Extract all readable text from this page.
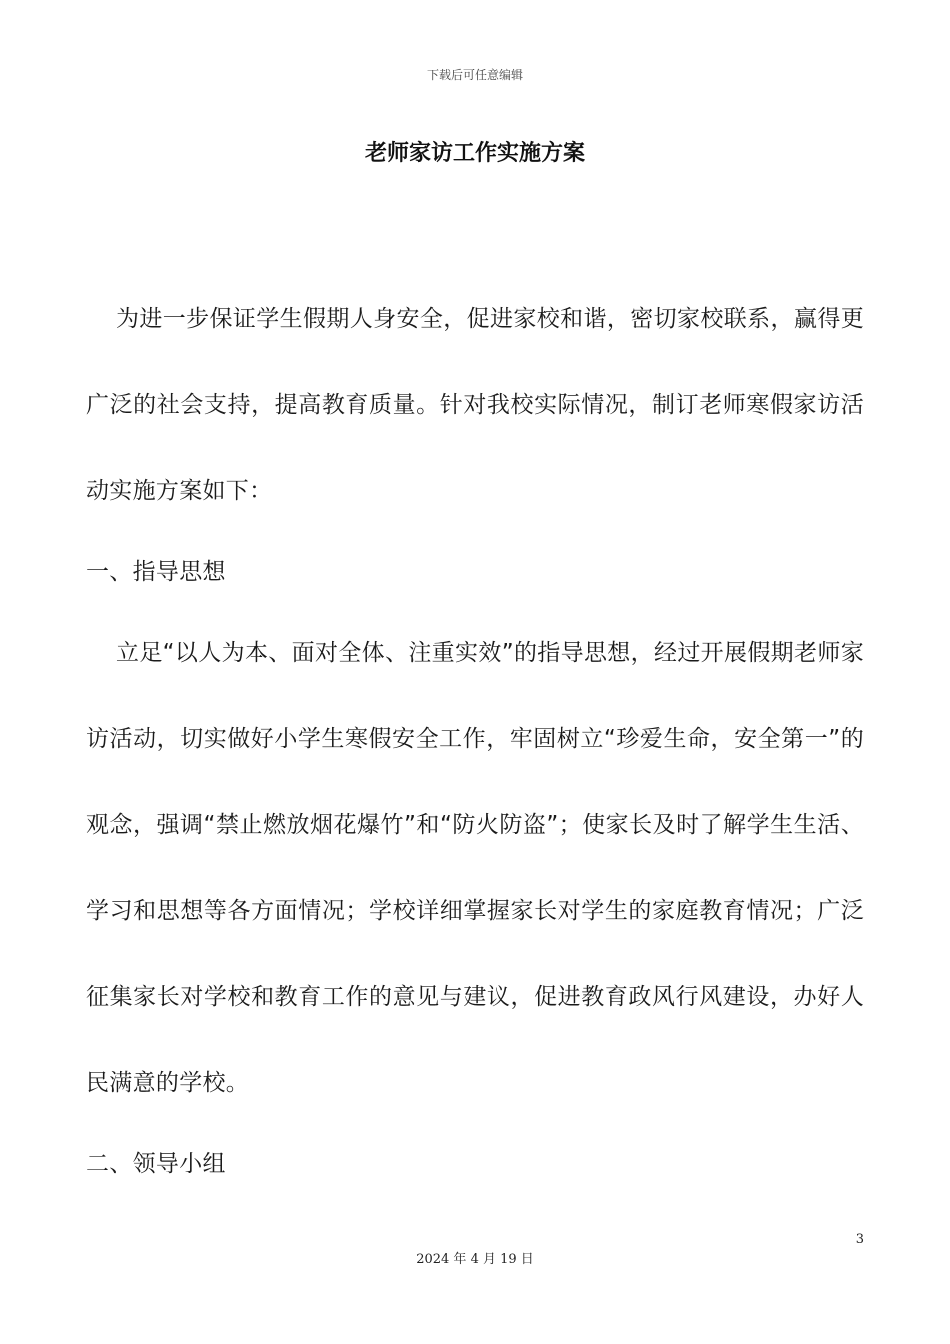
下载后可任意编辑
老师家访工作实施方案

为进一步保证学生假期人身安全，促进家校和谐，密切家校联系，赢得更广泛的社会支持，提高教育质量。针对我校实际情况，制订老师寒假家访活动实施方案如下：

一、指导思想

立足“以人为本、面对全体、注重实效”的指导思想，经过开展假期老师家访活动，切实做好小学生寒假安全工作，牢固树立“珍爱生命，安全第一”的观念，强调“禁止燃放烟花爆竹”和“防火防盗”；使家长及时了解学生生活、学习和思想等各方面情况；学校详细掌握家长对学生的家庭教育情况；广泛征集家长对学校和教育工作的意见与建议，促进教育政风行风建设，办好人民满意的学校。

二、领导小组

3
2024 年 4 月 19 日
